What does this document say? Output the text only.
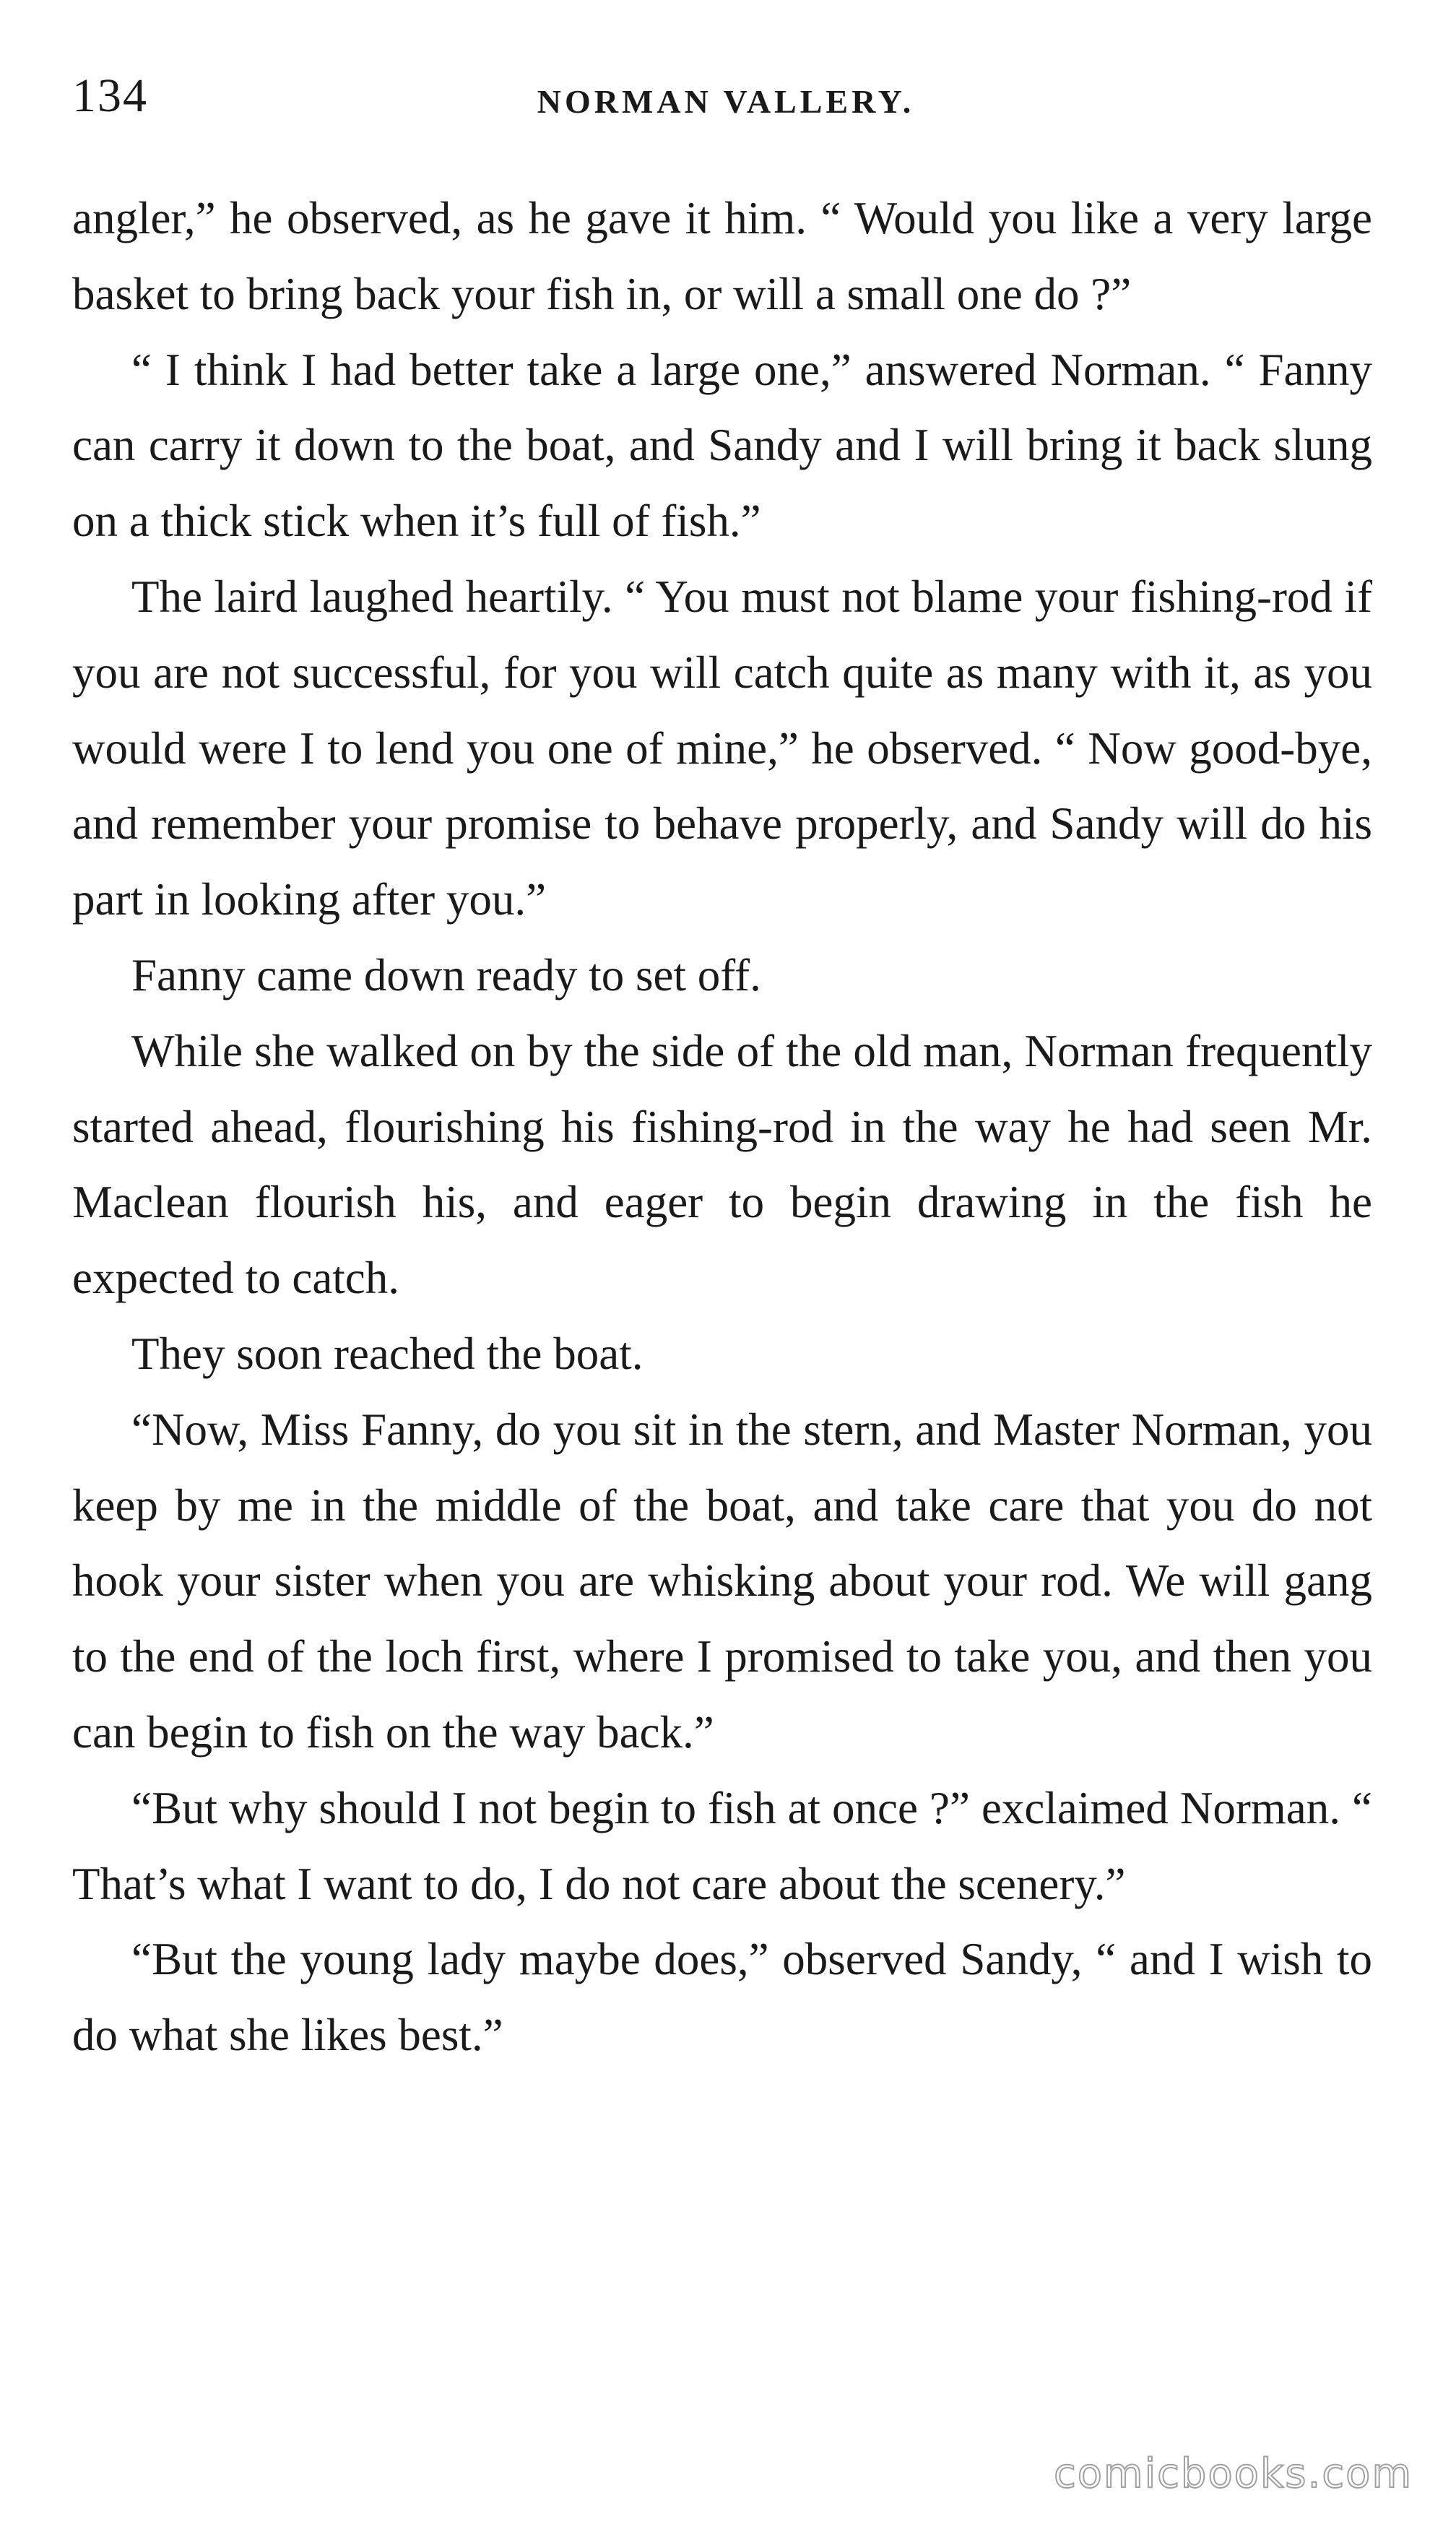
134	NORMAN VALLERY.

angler,” he observed, as he gave it him. “ Would you like a very large basket to bring back your fish in, or will a small one do ?”

“ I think I had better take a large one,” answered Norman. “ Fanny can carry it down to the boat, and Sandy and I will bring it back slung on a thick stick when it’s full of fish.”

The laird laughed heartily. “ You must not blame your fishing-rod if you are not successful, for you will catch quite as many with it, as you would were I to lend you one of mine,” he observed. “ Now good-bye, and remember your promise to behave properly, and Sandy will do his part in looking after you.”

Fanny came down ready to set off.

While she walked on by the side of the old man, Norman frequently started ahead, flourishing his fishing-rod in the way he had seen Mr. Maclean flourish his, and eager to begin drawing in the fish he expected to catch.

They soon reached the boat.

“Now, Miss Fanny, do you sit in the stern, and Master Norman, you keep by me in the middle of the boat, and take care that you do not hook your sister when you are whisking about your rod. We will gang to the end of the loch first, where I promised to take you, and then you can begin to fish on the way back.”

“But why should I not begin to fish at once ?” exclaimed Norman. “ That’s what I want to do, I do not care about the scenery.”

“But the young lady maybe does,” observed Sandy, “ and I wish to do what she likes best.”

comicbooks.com
